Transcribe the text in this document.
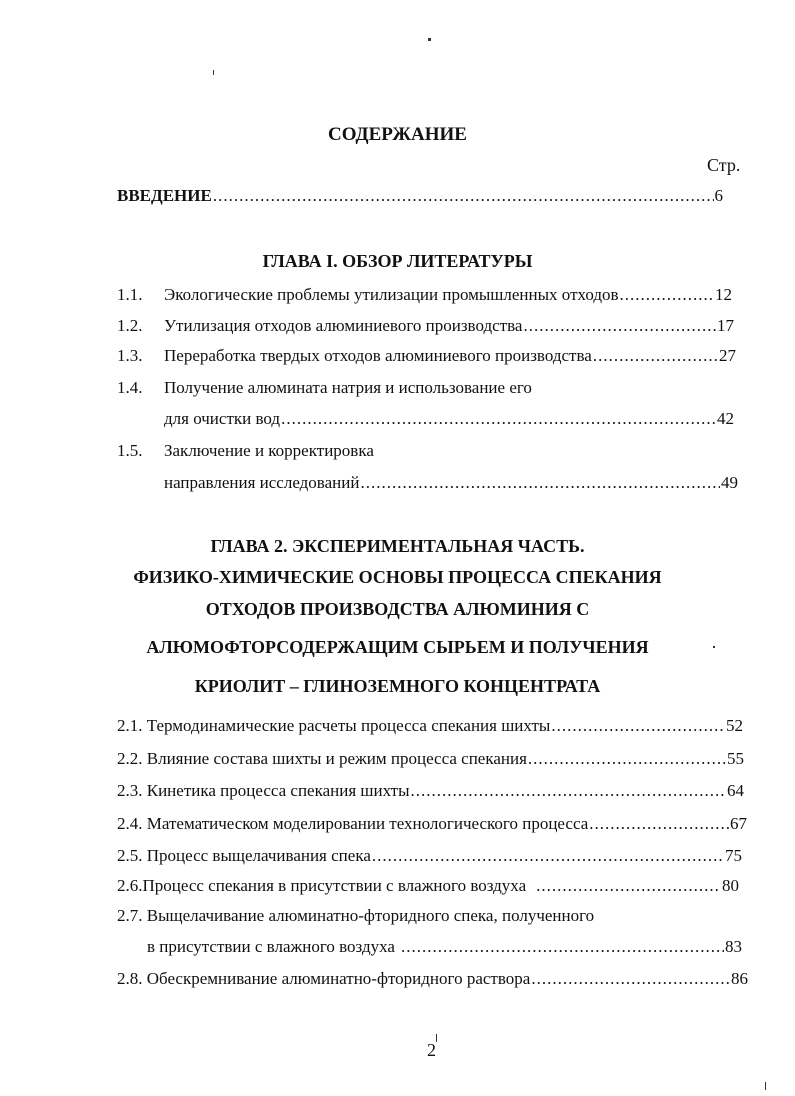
СОДЕРЖАНИЕ
Стр.
ВВЕДЕНИЕ .....	6
ГЛАВА I. ОБЗОР ЛИТЕРАТУРЫ
1.1. Экологические проблемы утилизации промышленных отходов .....	12
1.2. Утилизация отходов алюминиевого производства .....	17
1.3. Переработка твердых отходов алюминиевого производства .....	27
1.4. Получение алюмината натрия и использование его
для очистки вод .....	42
1.5. Заключение и корректировка
направления исследований .....	49
ГЛАВА 2. ЭКСПЕРИМЕНТАЛЬНАЯ ЧАСТЬ.
ФИЗИКО-ХИМИЧЕСКИЕ ОСНОВЫ ПРОЦЕССА СПЕКАНИЯ
ОТХОДОВ ПРОИЗВОДСТВА АЛЮМИНИЯ С
АЛЮМОФТОРСОДЕРЖАЩИМ СЫРЬЕМ И ПОЛУЧЕНИЯ
КРИОЛИТ – ГЛИНОЗЕМНОГО КОНЦЕНТРАТА
2.1. Термодинамические расчеты процесса спекания шихты .....	52
2.2. Влияние состава шихты и режим процесса спекания .....	55
2.3. Кинетика процесса спекания шихты .....	64
2.4. Математическом моделировании технологического процесса .....	67
2.5. Процесс выщелачивания спека .....	75
2.6.Процесс спекания в присутствии с влажного воздуха .....	80
2.7. Выщелачивание алюминатно-фторидного спека, полученного
в присутствии с влажного воздуха .....	83
2.8. Обескремнивание алюминатно-фторидного раствора .....	86
2
